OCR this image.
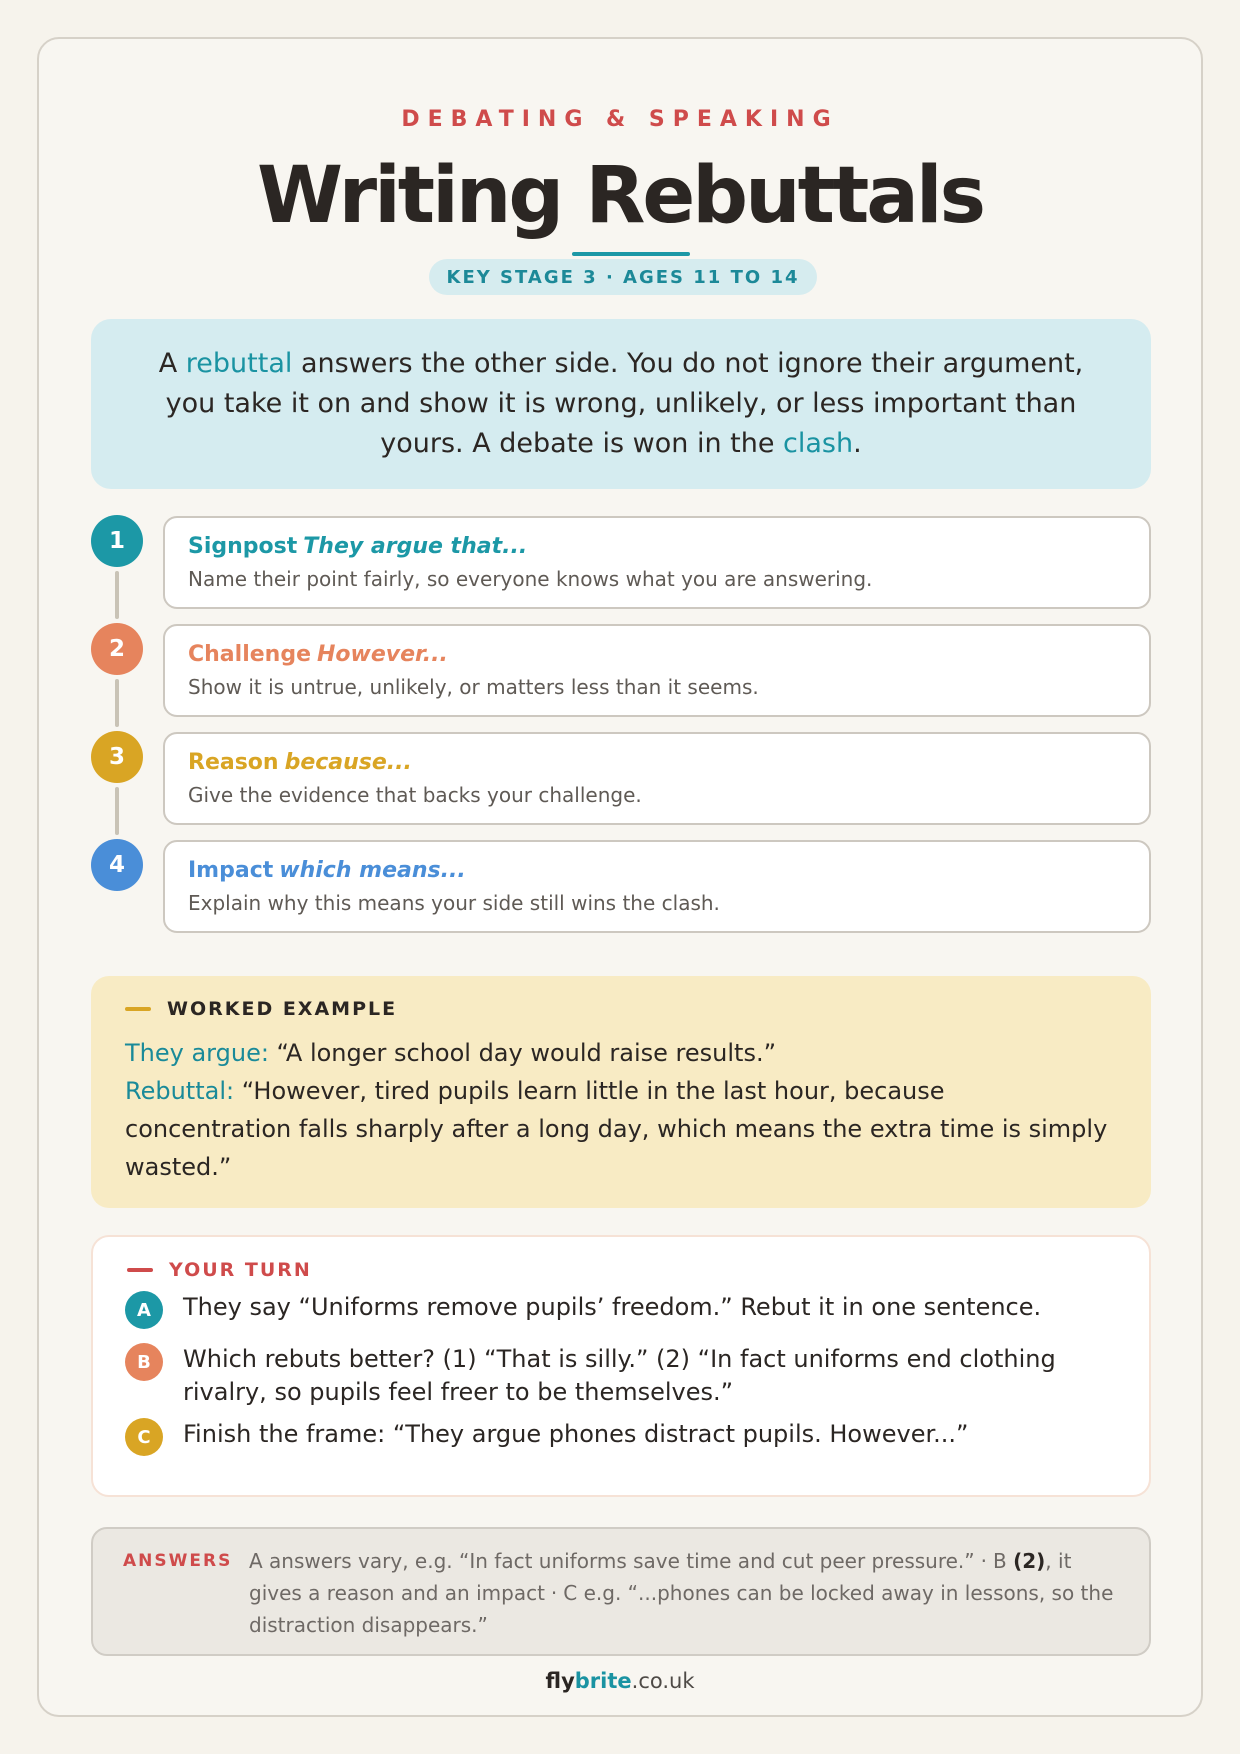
DEBATING & SPEAKING
Writing Rebuttals
KEY STAGE 3 · AGES 11 TO 14

A rebuttal answers the other side. You do not ignore their argument, you take it on and show it is wrong, unlikely, or less important than yours. A debate is won in the clash.

1	Signpost They argue that...
Name their point fairly, so everyone knows what you are answering.
2	Challenge However...
Show it is untrue, unlikely, or matters less than it seems.
3	Reason because...
Give the evidence that backs your challenge.
4	Impact which means...
Explain why this means your side still wins the clash.
WORKED EXAMPLE
They argue: “A longer school day would raise results.”
Rebuttal: “However, tired pupils learn little in the last hour, because concentration falls sharply after a long day, which means the extra time is simply wasted.”
YOUR TURN
A	They say “Uniforms remove pupils’ freedom.” Rebut it in one sentence.
B	Which rebuts better? (1) “That is silly.” (2) “In fact uniforms end clothing rivalry, so pupils feel freer to be themselves.”
C	Finish the frame: “They argue phones distract pupils. However...”
ANSWERS A answers vary, e.g. “In fact uniforms save time and cut peer pressure.” · B (2), it gives a reason and an impact · C e.g. “...phones can be locked away in lessons, so the distraction disappears.”
flybrite.co.uk
